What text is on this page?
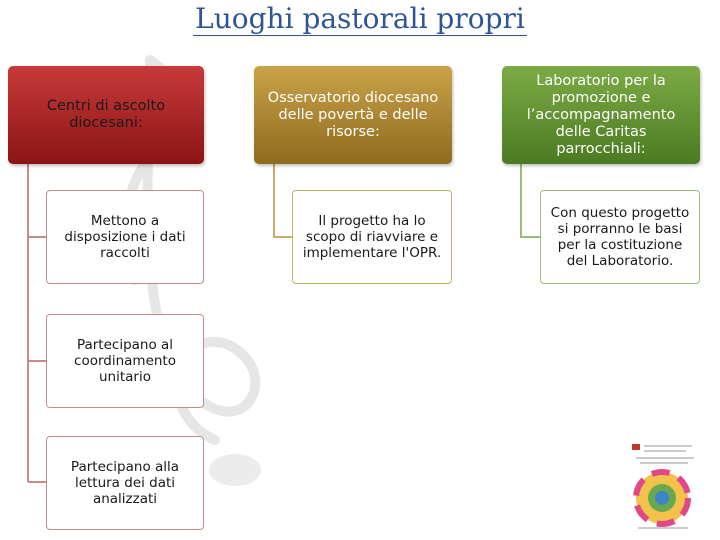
Luoghi pastorali propri
Centri di ascolto diocesani:
Mettono a disposizione i dati raccolti
Partecipano al coordinamento unitario
Partecipano alla lettura dei dati analizzati
Osservatorio diocesano delle povertà e delle risorse:
Il progetto ha lo scopo di riavviare e implementare l'OPR.
Laboratorio per la promozione e l’accompagnamento delle Caritas parrocchiali:
Con questo progetto si porranno le basi per la costituzione del Laboratorio.
